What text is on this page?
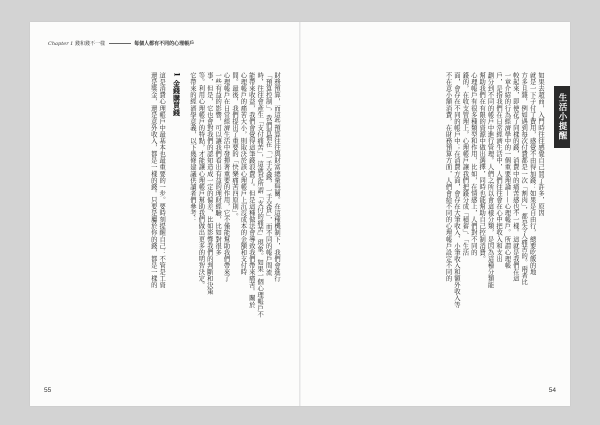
Chapter 1 錢和錢不一樣	每個人都有不同的心理帳戶

財務預算，而這些預算往往與財富總量無關。在這種機制下，我們會進行

「預算控制」，我們習慣在「一手交錢，一手交貨」，而不同的帳戶間流

時，往往會產生「支付痛苦」，這就是所謂「支付的痛苦」現象。如果一個心理帳戶不

能帶來收益，我們會覺得這筆錢浪費了。但是這種做法會導致我們帶來痛苦。關於

心理帳戶的痛苦大小，則取決於該心理帳戶上沉沒成本的金額和支付時

間。最後，我們提出了重要的「快樂痛苦四原則」。

心理帳戶在日常經濟生活中發揮著重要的作用，它不僅能幫助我們帶來了

一些有益的影響，可以讓我們看出有益的理財經驗，比如對很多

事，但是，它也會對我們的認知造成一定的偏差，比如影響我們的判斷和決策

等。利用心理帳戶的特點，才能讓心理帳戶幫助我們做出更多的明智決定。

它帶來的經濟學意義，以下幾條建議供讀者們參考：

1 金錢購買錢

這是消費心理帳戶中最基本也最重要的一步。要時刻提醒自己：不管是工資

還是獎金，還是意外收入，都是一樣的錢。只要是屬於你的錢，都是一樣的

55
生活小提醒

如果去超商，入門時往往感覺自己買了許多，原因

就是一下子付了費用，感覺不由得加錢：如果是自由行，總要吃飯的地

方多且雜，例如遇到每次付費都是一次「割肉」，都是令人痛苦的。兩者比

較起來，即使花了同樣的錢，消費中的痛苦感也不一樣。這就是我們在這

一章介紹的行為經濟學中的一個重要理論——心理帳戶。所謂心理帳

戶，是指我們在日常經濟生活中，人們往往會在心中把收入和支出

劃分到不同的帳戶中進行管理。人們之所以會這樣分類，是因為這種分類能

幫助我們在有限的資源中做出選擇，同時也能幫助自己控制消費。

心理帳戶有很多種類型和作用，比如，在情感上，人們對不同的

錢的，在收支管理上，心理帳戶讓我們把錢分成「積蓄」、「生活

面，會存在不同的帳戶中；在消費方面，會存在大筆收入、小筆收入和額外收入等

不在意小額消費，在財務預算方面，人們會給不同的心理帳戶設定不同的

54
